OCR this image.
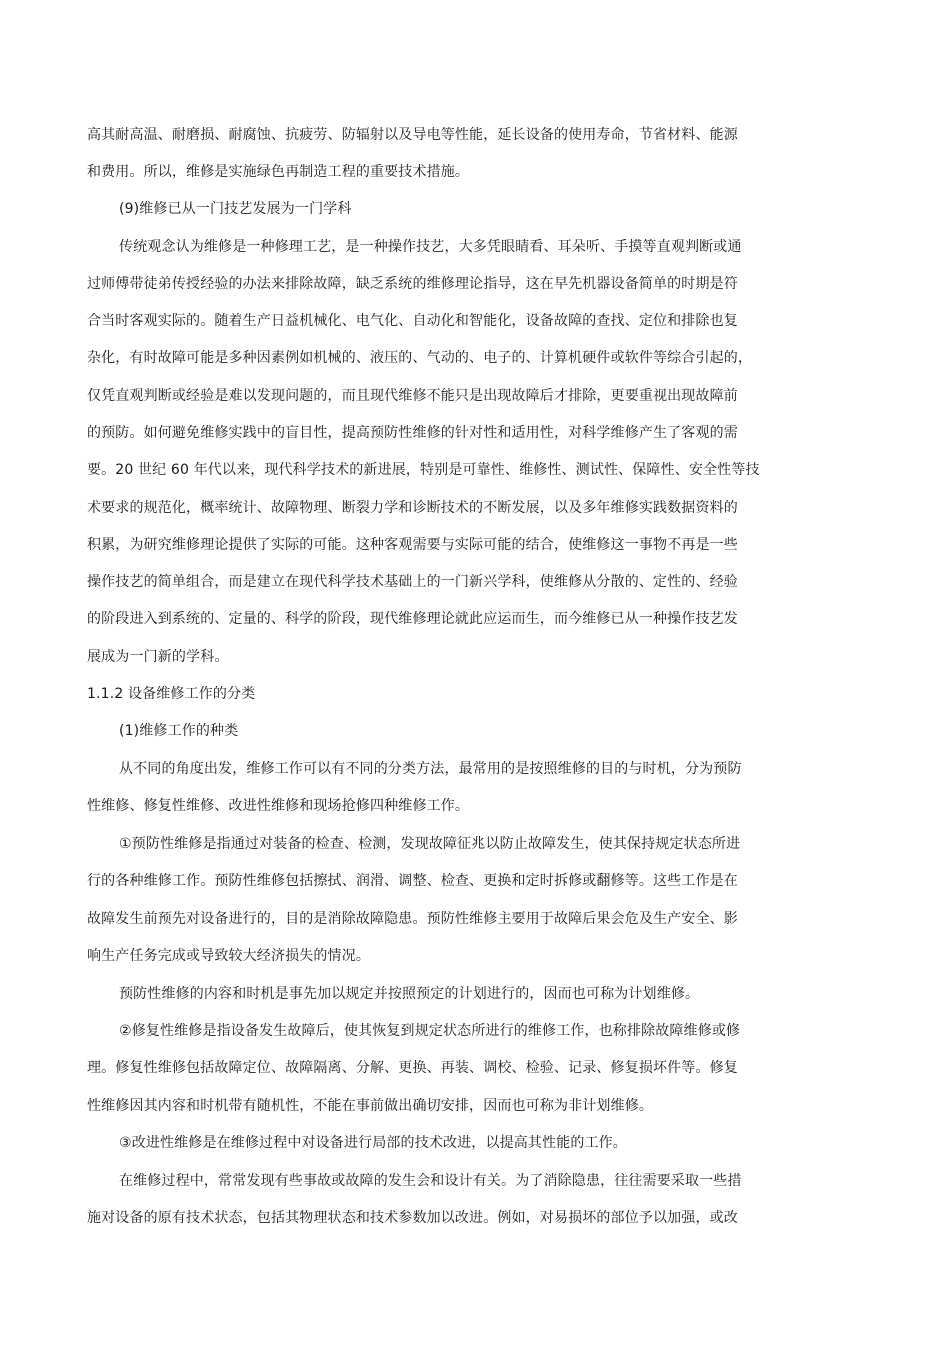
高其耐高温、耐磨损、耐腐蚀、抗疲劳、防辐射以及导电等性能，延长设备的使用寿命，节省材料、能源
和费用。所以，维修是实施绿色再制造工程的重要技术措施。
(9)维修已从一门技艺发展为一门学科
传统观念认为维修是一种修理工艺，是一种操作技艺，大多凭眼睛看、耳朵听、手摸等直观判断或通
过师傅带徒弟传授经验的办法来排除故障，缺乏系统的维修理论指导，这在早先机器设备简单的时期是符
合当时客观实际的。随着生产日益机械化、电气化、自动化和智能化，设备故障的查找、定位和排除也复
杂化，有时故障可能是多种因素例如机械的、液压的、气动的、电子的、计算机硬件或软件等综合引起的，
仅凭直观判断或经验是难以发现问题的，而且现代维修不能只是出现故障后才排除，更要重视出现故障前
的预防。如何避免维修实践中的盲目性，提高预防性维修的针对性和适用性，对科学维修产生了客观的需
要。20 世纪 60 年代以来，现代科学技术的新进展，特别是可靠性、维修性、测试性、保障性、安全性等技
术要求的规范化，概率统计、故障物理、断裂力学和诊断技术的不断发展，以及多年维修实践数据资料的
积累，为研究维修理论提供了实际的可能。这种客观需要与实际可能的结合，使维修这一事物不再是一些
操作技艺的简单组合，而是建立在现代科学技术基础上的一门新兴学科，使维修从分散的、定性的、经验
的阶段进入到系统的、定量的、科学的阶段，现代维修理论就此应运而生，而今维修已从一种操作技艺发
展成为一门新的学科。
1.1.2 设备维修工作的分类
(1)维修工作的种类
从不同的角度出发，维修工作可以有不同的分类方法，最常用的是按照维修的目的与时机，分为预防
性维修、修复性维修、改进性维修和现场抢修四种维修工作。
①预防性维修是指通过对装备的检查、检测，发现故障征兆以防止故障发生，使其保持规定状态所进
行的各种维修工作。预防性维修包括擦拭、润滑、调整、检查、更换和定时拆修或翻修等。这些工作是在
故障发生前预先对设备进行的，目的是消除故障隐患。预防性维修主要用于故障后果会危及生产安全、影
响生产任务完成或导致较大经济损失的情况。
预防性维修的内容和时机是事先加以规定并按照预定的计划进行的，因而也可称为计划维修。
②修复性维修是指设备发生故障后，使其恢复到规定状态所进行的维修工作，也称排除故障维修或修
理。修复性维修包括故障定位、故障隔离、分解、更换、再装、调校、检验、记录、修复损坏件等。修复
性维修因其内容和时机带有随机性，不能在事前做出确切安排，因而也可称为非计划维修。
③改进性维修是在维修过程中对设备进行局部的技术改进，以提高其性能的工作。
在维修过程中，常常发现有些事故或故障的发生会和设计有关。为了消除隐患，往往需要采取一些措
施对设备的原有技术状态，包括其物理状态和技术参数加以改进。例如，对易损坏的部位予以加强，或改
